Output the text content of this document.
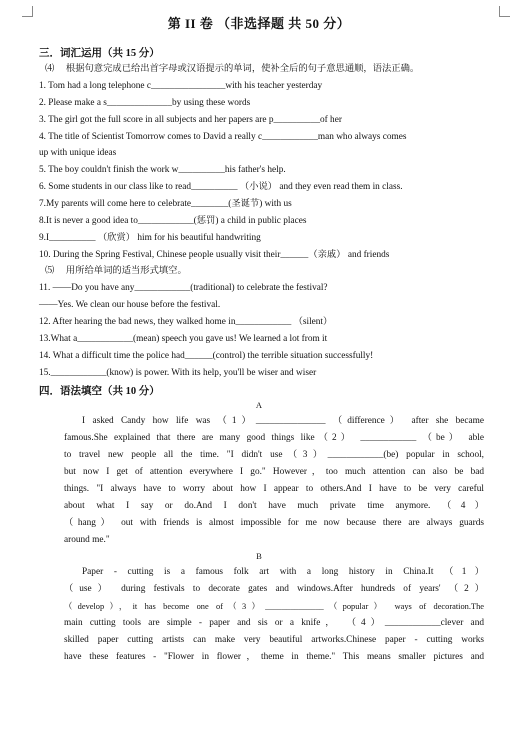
第 II 卷 （非选择题 共 50 分）
三．词汇运用（共 15 分）
⑷　 根据句意完成已给出首字母或汉语提示的单词，使补全后的句子意思通顺，语法正确。
1. Tom had a long telephone c________________with his teacher yesterday
2. Please make a s______________by using these words
3. The girl got the full score in all subjects and her papers are p__________of her
4. The title of Scientist Tomorrow comes to David a really c____________man who always comes
up with unique ideas
5. The boy couldn't finish the work w__________his father's help.
6. Some students in our class like to read__________ （小说） and they even read them in class.
7.My parents will come here to celebrate________(圣诞节) with us
8.It is never a good idea to____________(惩罚) a child in public places
9.I__________ （欣赏） him for his beautiful handwriting
10. During the Spring Festival, Chinese people usually visit their______（亲戚） and friends
⑸　 用所给单词的适当形式填空。
11. ——Do you have any____________(traditional) to celebrate the festival?
——Yes. We clean our house before the festival.
12. After hearing the bad news, they walked home in____________ （silent）
13.What a____________(mean) speech you gave us! We learned a lot from it
14. What a difficult time the police had______(control) the terrible situation successfully!
15.____________(know) is power. With its help, you'll be wiser and wiser
四．语法填空（共 10 分）
A
I asked Candy how life was （1）_______________ （difference） after she became
famous.She explained that there are many good things like（2） ____________ （be） able
to travel new people all the time. "I didn't use（3）____________(be) popular in school,
but now I get of attention everywhere I go." However，too much attention can also be bad
things. "I always have to worry about how I appear to others.And I have to be very careful
about what I say or do.And I don't have much private time anymore. （4）
（hang） out with friends is almost impossible for me now because there are always guards
around me."
B
Paper - cutting is a famous folk art with a long history in China.It （1）
（use） during festivals to decorate gates and windows.After hundreds of years' （2）
（develop），it has become one of（3）______________（popular） ways of decoration.The
main cutting tools are simple - paper and sis or a knife， （4）____________clever and
skilled paper cutting artists can make very beautiful artworks.Chinese paper - cutting works
have these features - "Flower in flower，theme in theme." This means smaller pictures and
